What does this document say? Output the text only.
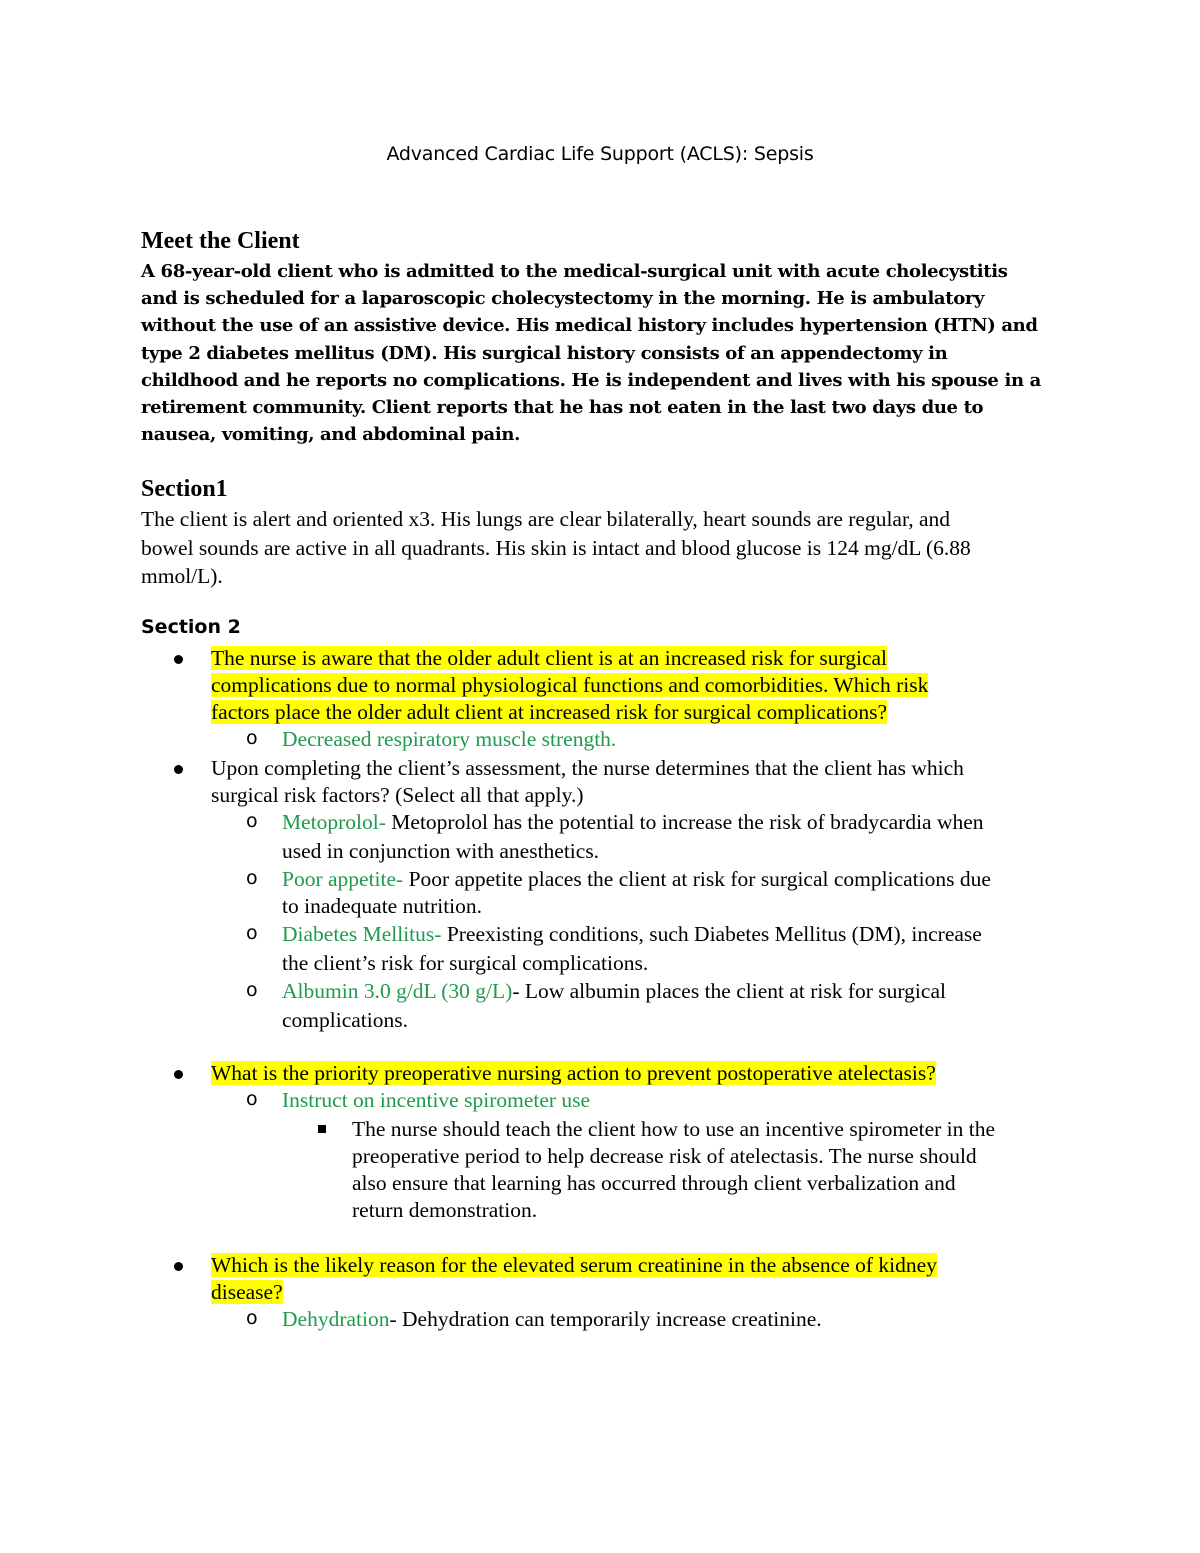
Advanced Cardiac Life Support (ACLS): Sepsis
Meet the Client
A 68-year-old client who is admitted to the medical-surgical unit with acute cholecystitis
and is scheduled for a laparoscopic cholecystectomy in the morning. He is ambulatory
without the use of an assistive device. His medical history includes hypertension (HTN) and
type 2 diabetes mellitus (DM). His surgical history consists of an appendectomy in
childhood and he reports no complications. He is independent and lives with his spouse in a
retirement community. Client reports that he has not eaten in the last two days due to
nausea, vomiting, and abdominal pain.
Section1
The client is alert and oriented x3. His lungs are clear bilaterally, heart sounds are regular, and
bowel sounds are active in all quadrants. His skin is intact and blood glucose is 124 mg/dL (6.88
mmol/L).
Section 2
The nurse is aware that the older adult client is at an increased risk for surgical
complications due to normal physiological functions and comorbidities. Which risk
factors place the older adult client at increased risk for surgical complications?
o Decreased respiratory muscle strength.
Upon completing the client’s assessment, the nurse determines that the client has which
surgical risk factors? (Select all that apply.)
o Metoprolol- Metoprolol has the potential to increase the risk of bradycardia when
used in conjunction with anesthetics.
o Poor appetite- Poor appetite places the client at risk for surgical complications due
to inadequate nutrition.
o Diabetes Mellitus- Preexisting conditions, such Diabetes Mellitus (DM), increase
the client’s risk for surgical complications.
o Albumin 3.0 g/dL (30 g/L)- Low albumin places the client at risk for surgical
complications.
What is the priority preoperative nursing action to prevent postoperative atelectasis?
o Instruct on incentive spirometer use
The nurse should teach the client how to use an incentive spirometer in the
preoperative period to help decrease risk of atelectasis. The nurse should
also ensure that learning has occurred through client verbalization and
return demonstration.
Which is the likely reason for the elevated serum creatinine in the absence of kidney
disease?
o Dehydration- Dehydration can temporarily increase creatinine.
